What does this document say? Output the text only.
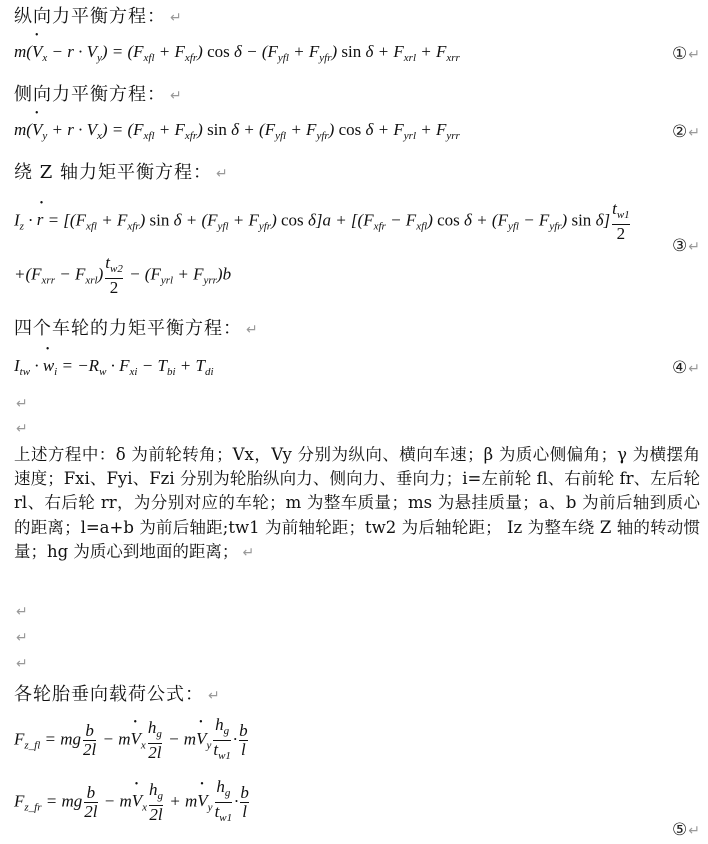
纵向力平衡方程： ↵
m(• $V_x - r \cdot V_y) = (F_{xfl} + F_{xfr})$ $\cos \delta - (F_{yfl} + F_{yfr})$ $\sin \delta + F_{xrl} + F_{xrr}$	①↵
侧向力平衡方程： ↵
m(• $V_y + r \cdot V_x) = (F_{xfl} + F_{xfr})$ $\sin \delta + (F_{yfl} + F_{yfr})$ $\cos \delta + F_{yrl} + F_{yrr}$	②↵
绕 Z 轴力矩平衡方程： ↵
$I_z$ · • $r = [(F_{xfl} + F_{xfr})$ $\sin \delta + (F_{yfl} + F_{yfr})$ $\cos \delta]a + [(F_{xfr} - F_{xfl})$ $\cos \delta + (F_{yfl} - F_{yfr})$ $\sin \delta] \frac{t_{w1}}{2}$
③↵
$+(F_{xrr} - F_{xrl}) \frac{t_{w2}}{2} - (F_{yrl} + F_{yrr})b$
四个车轮的力矩平衡方程： ↵
$I_{tw}$ · • $w_i = -R_w \cdot F_{xi} - T_{bi} + T_{di}$	④↵
↵
↵
上述方程中：δ 为前轮转角；Vx，Vy 分别为纵向、横向车速；β 为质心侧偏角；γ 为横摆角速度；Fxi、Fyi、Fzi 分别为轮胎纵向力、侧向力、垂向力；i=左前轮 fl、右前轮 fr、左后轮 rl、右后轮 rr，为分别对应的车轮；m 为整车质量；ms 为悬挂质量；a、b 为前后轴到质心的距离；l=a+b 为前后轴距;tw1 为前轴轮距；tw2 为后轴轮距； Iz 为整车绕 Z 轴的转动惯量；hg 为质心到地面的距离； ↵
↵
↵
↵
各轮胎垂向载荷公式： ↵
$F_{z\_fl}$ = mg $\frac{b}{2l}$ − m• $V_x \frac{h_g}{2l}$ − m• $V_y \frac{h_g}{t_{w1}} \cdot \frac{b}{l}$
$F_{z\_fr}$ = mg $\frac{b}{2l}$ − m• $V_x \frac{h_g}{2l}$ + m• $V_y \frac{h_g}{t_{w1}} \cdot \frac{b}{l}$
⑤↵
